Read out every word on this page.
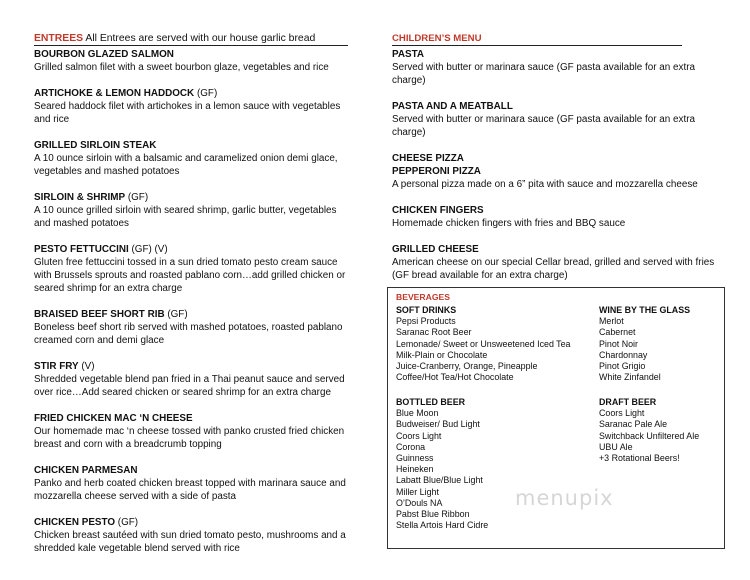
ENTREES All Entrees are served with our house garlic bread
BOURBON GLAZED SALMON
Grilled salmon filet with a sweet bourbon glaze, vegetables and rice
ARTICHOKE & LEMON HADDOCK (GF)
Seared haddock filet with artichokes in a lemon sauce with vegetables and rice
GRILLED SIRLOIN STEAK
A 10 ounce sirloin with a balsamic and caramelized onion demi glace, vegetables and mashed potatoes
SIRLOIN & SHRIMP (GF)
A 10 ounce grilled sirloin with seared shrimp, garlic butter, vegetables and mashed potatoes
PESTO FETTUCCINI (GF) (V)
Gluten free fettuccini tossed in a sun dried tomato pesto cream sauce with Brussels sprouts and roasted pablano corn…add grilled chicken or seared shrimp for an extra charge
BRAISED BEEF SHORT RIB (GF)
Boneless beef short rib served with mashed potatoes, roasted pablano creamed corn and demi glace
STIR FRY (V)
Shredded vegetable blend pan fried in a Thai peanut sauce and served over rice…Add seared chicken or seared shrimp for an extra charge
FRIED CHICKEN MAC ‘N CHEESE
Our homemade mac ‘n cheese tossed with panko crusted fried chicken breast and corn with a breadcrumb topping
CHICKEN PARMESAN
Panko and herb coated chicken breast topped with marinara sauce and mozzarella cheese served with a side of pasta
CHICKEN PESTO (GF)
Chicken breast sautéed with sun dried tomato pesto, mushrooms and a shredded kale vegetable blend served with rice
CHILDREN’S MENU
PASTA
Served with butter or marinara sauce (GF pasta available for an extra charge)
PASTA AND A MEATBALL
Served with butter or marinara sauce (GF pasta available for an extra charge)
CHEESE PIZZA
PEPPERONI PIZZA
A personal pizza made on a 6” pita with sauce and mozzarella cheese
CHICKEN FINGERS
Homemade chicken fingers with fries and BBQ sauce
GRILLED CHEESE
American cheese on our special Cellar bread, grilled and served with fries (GF bread available for an extra charge)
BEVERAGES
SOFT DRINKS
Pepsi Products
Saranac Root Beer
Lemonade/ Sweet or Unsweetened Iced Tea
Milk-Plain or Chocolate
Juice-Cranberry, Orange, Pineapple
Coffee/Hot Tea/Hot Chocolate
WINE BY THE GLASS
Merlot
Cabernet
Pinot Noir
Chardonnay
Pinot Grigio
White Zinfandel
BOTTLED BEER
Blue Moon
Budweiser/ Bud Light
Coors Light
Corona
Guinness
Heineken
Labatt Blue/Blue Light
Miller Light
O’Douls NA
Pabst Blue Ribbon
Stella Artois Hard Cidre
DRAFT BEER
Coors Light
Saranac Pale Ale
Switchback Unfiltered Ale
UBU Ale
+3 Rotational Beers!
menupix
